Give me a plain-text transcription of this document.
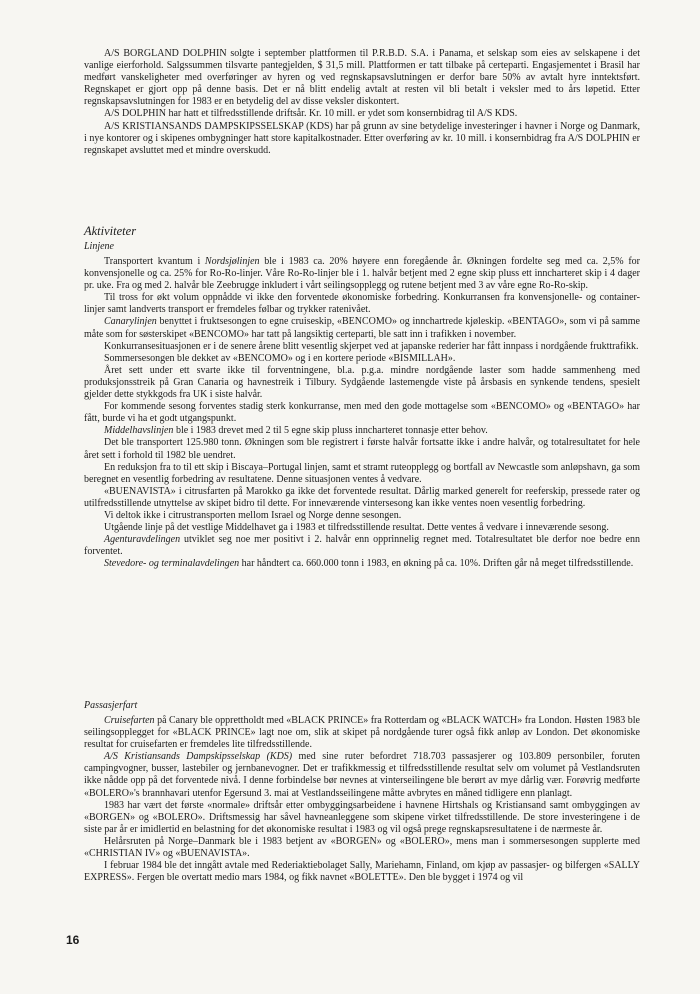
A/S BORGLAND DOLPHIN solgte i september plattformen til P.R.B.D. S.A. i Panama, et selskap som eies av selskapene i det vanlige eierforhold. Salgssummen tilsvarte pantegjelden, $ 31,5 mill. Plattformen er tatt tilbake på certeparti. Engasjementet i Brasil har medført vanskeligheter med overføringer av hyren og ved regnskapsavslutningen er derfor bare 50% av avtalt hyre inntektsført. Regnskapet er gjort opp på denne basis. Det er nå blitt endelig avtalt at resten vil bli betalt i veksler med to års løpetid. Etter regnskapsavslutningen for 1983 er en betydelig del av disse veksler diskontert.

A/S DOLPHIN har hatt et tilfredsstillende driftsår. Kr. 10 mill. er ydet som konsernbidrag til A/S KDS.

A/S KRISTIANSANDS DAMPSKIPSSELSKAP (KDS) har på grunn av sine betydelige investeringer i havner i Norge og Danmark, i nye kontorer og i skipenes ombygninger hatt store kapitalkostnader. Etter overføring av kr. 10 mill. i konsernbidrag fra A/S DOLPHIN er regnskapet avsluttet med et mindre overskudd.

Aktiviteter
Linjene

Transportert kvantum i Nordsjølinjen ble i 1983 ca. 20% høyere enn foregående år. Økningen fordelte seg med ca. 2,5% for konvensjonelle og ca. 25% for Ro-Ro-linjer. Våre Ro-Ro-linjer ble i 1. halvår betjent med 2 egne skip pluss ett inncharteret skip i 4 dager pr. uke. Fra og med 2. halvår ble Zeebrugge inkludert i vårt seilingsopplegg og rutene betjent med 3 av våre egne Ro-Ro-skip.

Til tross for økt volum oppnådde vi ikke den forventede økonomiske forbedring. Konkurransen fra konvensjonelle- og container-linjer samt landverts transport er fremdeles følbar og trykker ratenivået.

Canarylinjen benyttet i fruktsesongen to egne cruiseskip, «BENCOMO» og innchartrede kjøleskip. «BENTAGO», som vi på samme måte som for søsterskipet «BENCOMO» har tatt på langsiktig certeparti, ble satt inn i trafikken i november.

Konkurransesituasjonen er i de senere årene blitt vesentlig skjerpet ved at japanske rederier har fått innpass i nordgående frukttrafikk.

Sommersesongen ble dekket av «BENCOMO» og i en kortere periode «BISMILLAH».

Året sett under ett svarte ikke til forventningene, bl.a. p.g.a. mindre nordgående laster som hadde sammenheng med produksjonsstreik på Gran Canaria og havnestreik i Tilbury. Sydgående lastemengde viste på årsbasis en synkende tendens, spesielt gjelder dette stykkgods fra UK i siste halvår.

For kommende sesong forventes stadig sterk konkurranse, men med den gode mottagelse som «BENCOMO» og «BENTAGO» har fått, burde vi ha et godt utgangspunkt.

Middelhavslinjen ble i 1983 drevet med 2 til 5 egne skip pluss inncharteret tonnasje etter behov.

Det ble transportert 125.980 tonn. Økningen som ble registrert i første halvår fortsatte ikke i andre halvår, og totalresultatet for hele året sett i forhold til 1982 ble uendret.

En reduksjon fra to til ett skip i Biscaya–Portugal linjen, samt et stramt ruteopplegg og bortfall av Newcastle som anløpshavn, ga som beregnet en vesentlig forbedring av resultatene. Denne situasjonen ventes å vedvare.

«BUENAVISTA» i citrusfarten på Marokko ga ikke det forventede resultat. Dårlig marked generelt for reeferskip, pressede rater og utilfredsstillende utnyttelse av skipet bidro til dette. For inneværende vintersesong kan ikke ventes noen vesentlig forbedring.

Vi deltok ikke i citrustransporten mellom Israel og Norge denne sesongen.

Utgående linje på det vestlige Middelhavet ga i 1983 et tilfredsstillende resultat. Dette ventes å vedvare i inneværende sesong.

Agenturavdelingen utviklet seg noe mer positivt i 2. halvår enn opprinnelig regnet med. Totalresultatet ble derfor noe bedre enn forventet.

Stevedore- og terminalavdelingen har håndtert ca. 660.000 tonn i 1983, en økning på ca. 10%. Driften går nå meget tilfredsstillende.

Passasjerfart

Cruisefarten på Canary ble opprettholdt med «BLACK PRINCE» fra Rotterdam og «BLACK WATCH» fra London. Høsten 1983 ble seilingsopplegget for «BLACK PRINCE» lagt noe om, slik at skipet på nordgående turer også fikk anløp av London. Det økonomiske resultat for cruisefarten er fremdeles lite tilfredsstillende.

A/S Kristiansands Dampskipsselskap (KDS) med sine ruter befordret 718.703 passasjerer og 103.809 personbiler, foruten campingvogner, busser, lastebiler og jernbanevogner. Det er trafikkmessig et tilfredsstillende resultat selv om volumet på Vestlandsruten ikke nådde opp på det forventede nivå. I denne forbindelse bør nevnes at vinterseilingene ble berørt av mye dårlig vær. Forøvrig medførte «BOLERO»'s brannhavari utenfor Egersund 3. mai at Vestlandsseilingene måtte avbrytes en måned tidligere enn planlagt.

1983 har vært det første «normale» driftsår etter ombyggingsarbeidene i havnene Hirtshals og Kristiansand samt ombyggingen av «BORGEN» og «BOLERO». Driftsmessig har såvel havneanleggene som skipene virket tilfredsstillende. De store investeringene i de siste par år er imidlertid en belastning for det økonomiske resultat i 1983 og vil også prege regnskapsresultatene i de nærmeste år.

Helårsruten på Norge–Danmark ble i 1983 betjent av «BORGEN» og «BOLERO», mens man i sommersesongen supplerte med «CHRISTIAN IV» og «BUENAVISTA».

I februar 1984 ble det inngått avtale med Rederiaktiebolaget Sally, Mariehamn, Finland, om kjøp av passasjer- og bilfergen «SALLY EXPRESS». Fergen ble overtatt medio mars 1984, og fikk navnet «BOLETTE». Den ble bygget i 1974 og vil

16
